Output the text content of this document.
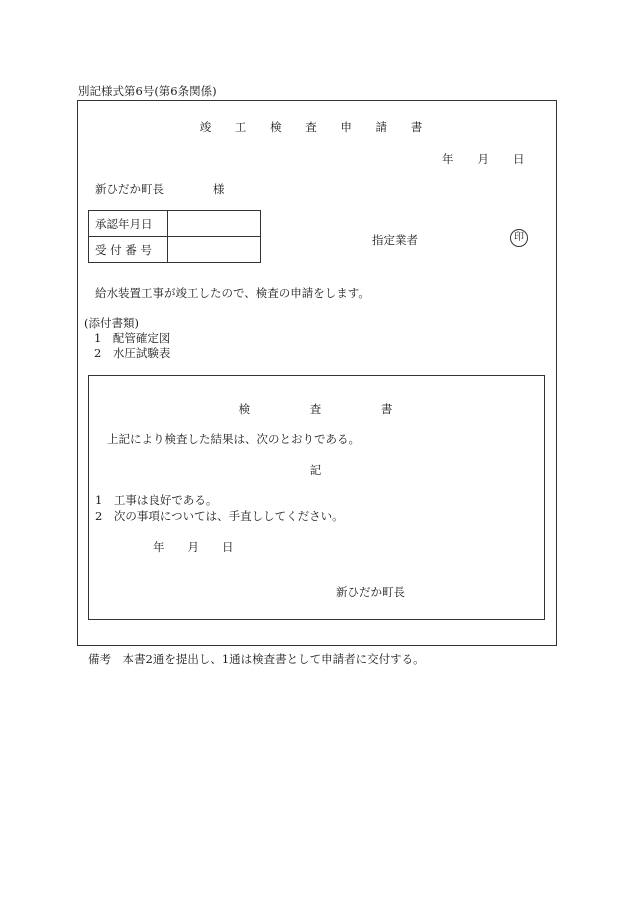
別記様式第6号(第6条関係)
竣 工 検 査 申 請 書
年 月 日
新ひだか町長	様
承認年月日	
受 付 番 号	
指定業者	印
給水装置工事が竣工したので、検査の申請をします。
(添付書類)
1　配管確定図
2　水圧試験表
検 査 書
上記により検査した結果は、次のとおりである。
記
1　工事は良好である。
2　次の事項については、手直ししてください。
年　　月　　日
新ひだか町長
備考　本書2通を提出し、1通は検査書として申請者に交付する。
